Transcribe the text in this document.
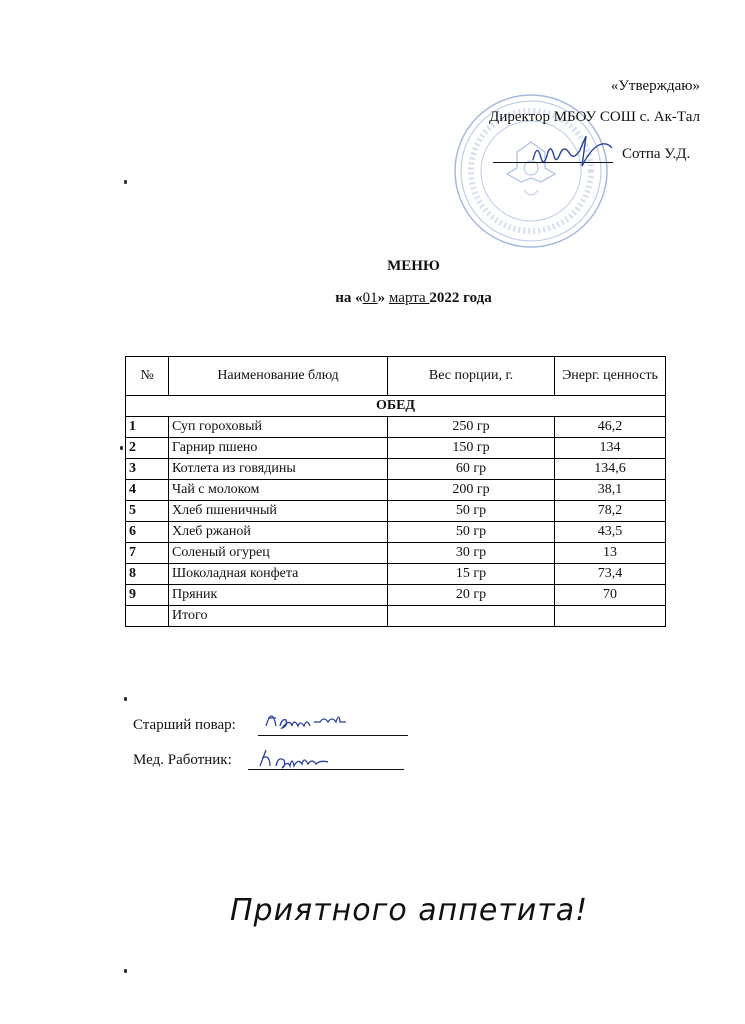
«Утверждаю»
Директор МБОУ СОШ с. Ак-Тал
Сотпа У.Д.
МЕНЮ
на «01» марта 2022 года
№	Наименование блюд	Вес порции, г.	Энерг. ценность
ОБЕД			
1	Суп гороховый	250 гр	46,2
2	Гарнир пшено	150 гр	134
3	Котлета из говядины	60 гр	134,6
4	Чай с молоком	200 гр	38,1
5	Хлеб пшеничный	50 гр	78,2
6	Хлеб ржаной	50 гр	43,5
7	Соленый огурец	30 гр	13
8	Шоколадная конфета	15 гр	73,4
9	Пряник	20 гр	70
	Итого		
Старший повар:
Мед. Работник:
Приятного аппетита!
